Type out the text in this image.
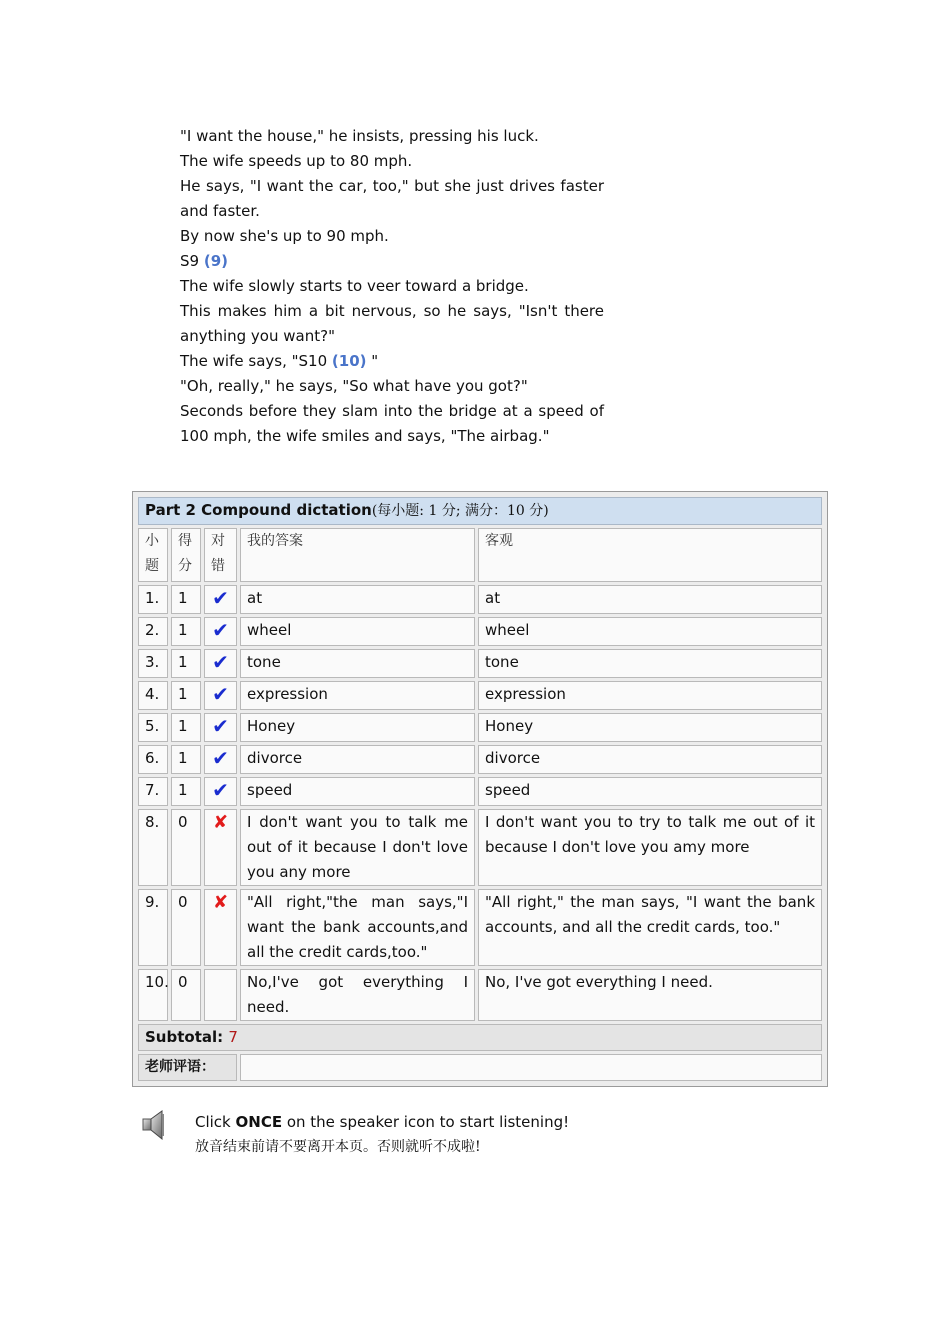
"I want the house," he insists, pressing his luck.
The wife speeds up to 80 mph.
He says, "I want the car, too," but she just drives faster and faster.
By now she's up to 90 mph.
S9 (9)
The wife slowly starts to veer toward a bridge.
This makes him a bit nervous, so he says, "Isn't there anything you want?"
The wife says, "S10 (10) "
"Oh, really," he says, "So what have you got?"
Seconds before they slam into the bridge at a speed of 100 mph, the wife smiles and says, "The airbag."
Part 2 Compound dictation(每小题: 1 分; 满分：10 分)				
小题	得分	对错	我的答案	客观
1.	1	✔	at	at
2.	1	✔	wheel	wheel
3.	1	✔	tone	tone
4.	1	✔	expression	expression
5.	1	✔	Honey	Honey
6.	1	✔	divorce	divorce
7.	1	✔	speed	speed
8.	0	✘	I don't want you to talk me out of it because I don't love you any more	I don't want you to try to talk me out of it because I don't love you amy more
9.	0	✘	"All right,"the man says,"I want the bank accounts,and all the credit cards,too."	"All right," the man says, "I want the bank accounts, and all the credit cards, too."
10.	0		No,I've got everything I need.	No, I've got everything I need.
Subtotal: 7				
老师评语：				
Click ONCE on the speaker icon to start listening!
放音结束前请不要离开本页。否则就听不成啦!
